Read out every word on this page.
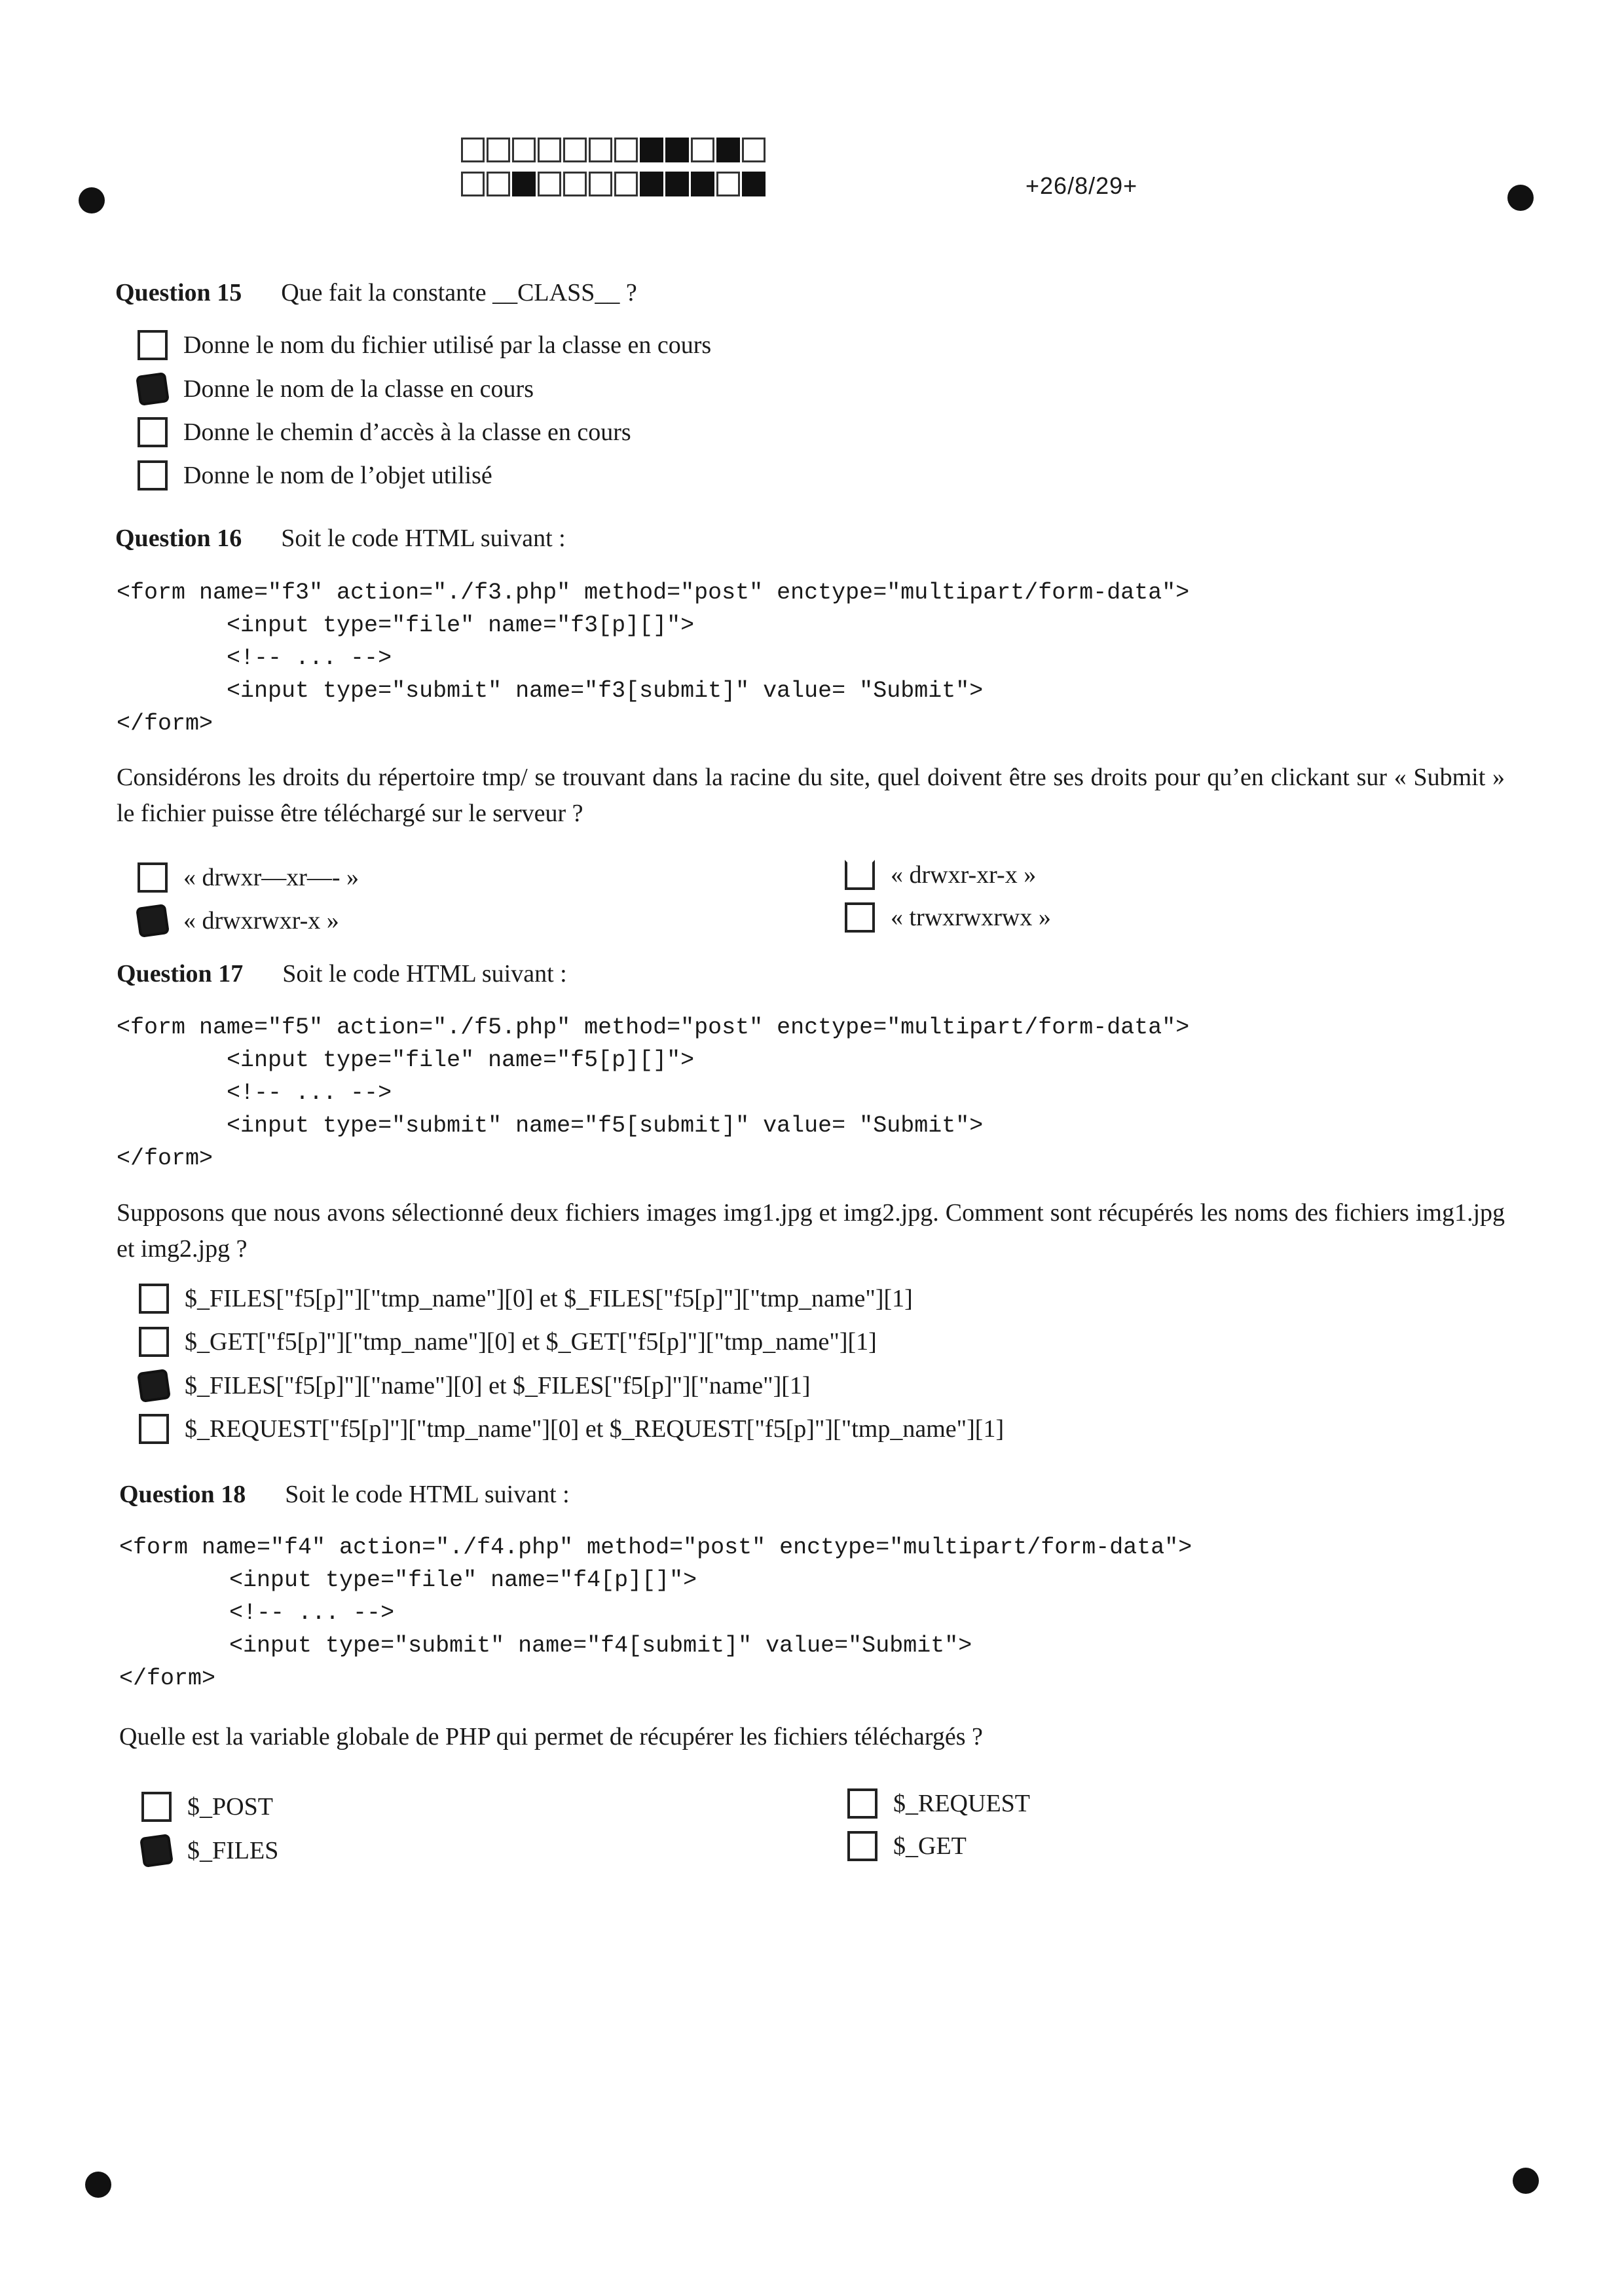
+26/8/29+
Question 15 Que fait la constante __CLASS__ ?
Donne le nom du fichier utilisé par la classe en cours
Donne le nom de la classe en cours
Donne le chemin d’accès à la classe en cours
Donne le nom de l’objet utilisé
Question 16 Soit le code HTML suivant :
<form name="f3" action="./f3.php" method="post" enctype="multipart/form-data">
<input type="file" name="f3[p][]">
<!-- ... -->
<input type="submit" name="f3[submit]" value= "Submit">
</form>
Considérons les droits du répertoire tmp/ se trouvant dans la racine du site, quel doivent être ses droits pour qu’en clickant sur « Submit » le fichier puisse être téléchargé sur le serveur ?
« drwxr—xr—- »
« drwxrwxr-x »
« drwxr-xr-x »
« trwxrwxrwx »
Question 17 Soit le code HTML suivant :
<form name="f5" action="./f5.php" method="post" enctype="multipart/form-data">
<input type="file" name="f5[p][]">
<!-- ... -->
<input type="submit" name="f5[submit]" value= "Submit">
</form>
Supposons que nous avons sélectionné deux fichiers images img1.jpg et img2.jpg. Comment sont récupérés les noms des fichiers img1.jpg et img2.jpg ?
$_FILES["f5[p]"]["tmp_name"][0] et $_FILES["f5[p]"]["tmp_name"][1]
$_GET["f5[p]"]["tmp_name"][0] et $_GET["f5[p]"]["tmp_name"][1]
$_FILES["f5[p]"]["name"][0] et $_FILES["f5[p]"]["name"][1]
$_REQUEST["f5[p]"]["tmp_name"][0] et $_REQUEST["f5[p]"]["tmp_name"][1]
Question 18 Soit le code HTML suivant :
<form name="f4" action="./f4.php" method="post" enctype="multipart/form-data">
<input type="file" name="f4[p][]">
<!-- ... -->
<input type="submit" name="f4[submit]" value="Submit">
</form>
Quelle est la variable globale de PHP qui permet de récupérer les fichiers téléchargés ?
$_POST
$_FILES
$_REQUEST
$_GET
